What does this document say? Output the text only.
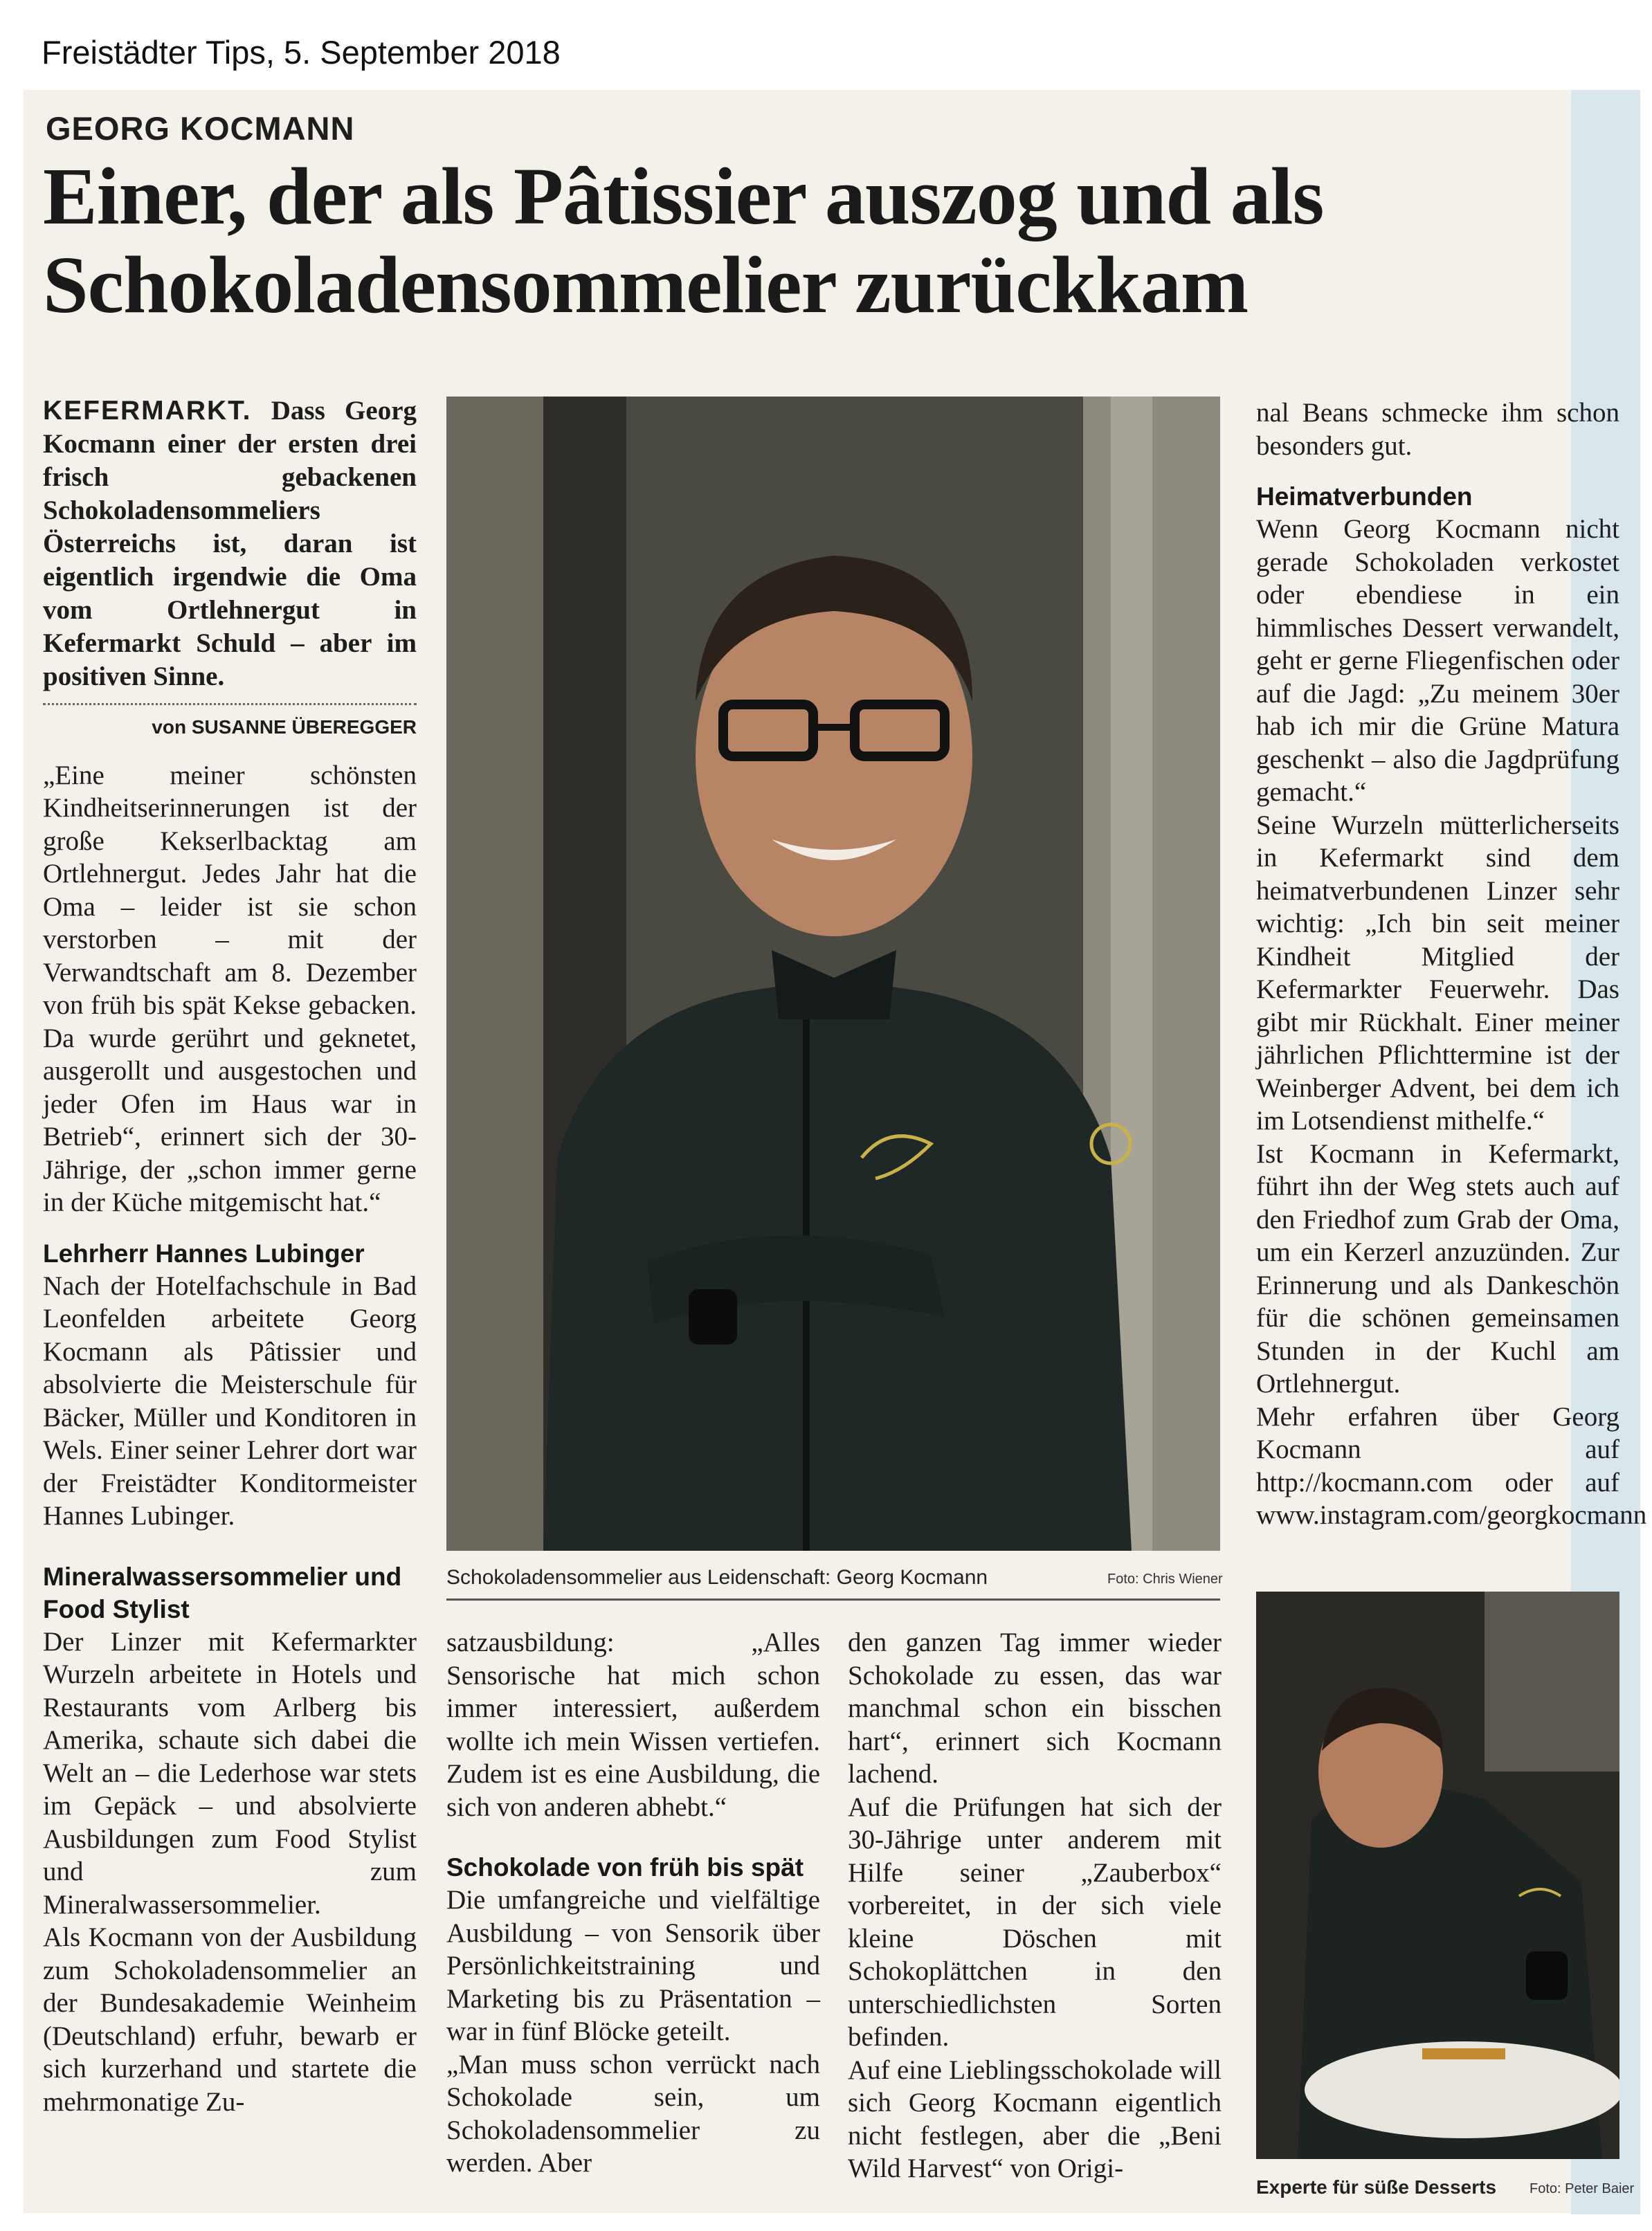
Freistädter Tips, 5. September 2018
GEORG KOCMANN
Einer, der als Pâtissier auszog und als
Schokoladensommelier zurückkam

KEFERMARKT. Dass Georg Kocmann einer der ersten drei frisch gebackenen Schokoladensommeliers Österreichs ist, daran ist eigentlich irgendwie die Oma vom Ortlehnergut in Kefermarkt Schuld – aber im positiven Sinne.

von SUSANNE ÜBEREGGER

„Eine meiner schönsten Kindheitserinnerungen ist der große Kekserlbacktag am Ortlehnergut. Jedes Jahr hat die Oma – leider ist sie schon verstorben – mit der Verwandtschaft am 8. Dezember von früh bis spät Kekse gebacken. Da wurde gerührt und geknetet, ausgerollt und ausgestochen und jeder Ofen im Haus war in Betrieb“, erinnert sich der 30-Jährige, der „schon immer gerne in der Küche mitgemischt hat.“

Lehrherr Hannes Lubinger

Nach der Hotelfachschule in Bad Leonfelden arbeitete Georg Kocmann als Pâtissier und absolvierte die Meisterschule für Bäcker, Müller und Konditoren in Wels. Einer seiner Lehrer dort war der Freistädter Konditormeister Hannes Lubinger.

Mineralwassersommelier und Food Stylist

Der Linzer mit Kefermarkter Wurzeln arbeitete in Hotels und Restaurants vom Arlberg bis Amerika, schaute sich dabei die Welt an – die Lederhose war stets im Gepäck – und absolvierte Ausbildungen zum Food Stylist und zum Mineralwassersommelier.

Als Kocmann von der Ausbildung zum Schokoladensommelier an der Bundesakademie Weinheim (Deutschland) erfuhr, bewarb er sich kurzerhand und startete die mehrmonatige Zu-

Schokoladensommelier aus Leidenschaft: Georg Kocmann	Foto: Chris Wiener

satzausbildung: „Alles Sensorische hat mich schon immer interessiert, außerdem wollte ich mein Wissen vertiefen. Zudem ist es eine Ausbildung, die sich von anderen abhebt.“

Schokolade von früh bis spät

Die umfangreiche und vielfältige Ausbildung – von Sensorik über Persönlichkeitstraining und Marketing bis zu Präsentation – war in fünf Blöcke geteilt.

„Man muss schon verrückt nach Schokolade sein, um Schokoladensommelier zu werden. Aber

den ganzen Tag immer wieder Schokolade zu essen, das war manchmal schon ein bisschen hart“, erinnert sich Kocmann lachend.

Auf die Prüfungen hat sich der 30-Jährige unter anderem mit Hilfe seiner „Zauberbox“ vorbereitet, in der sich viele kleine Döschen mit Schokoplättchen in den unterschiedlichsten Sorten befinden.

Auf eine Lieblingsschokolade will sich Georg Kocmann eigentlich nicht festlegen, aber die „Beni Wild Harvest“ von Origi-

nal Beans schmecke ihm schon besonders gut.

Heimatverbunden

Wenn Georg Kocmann nicht gerade Schokoladen verkostet oder ebendiese in ein himmlisches Dessert verwandelt, geht er gerne Fliegenfischen oder auf die Jagd: „Zu meinem 30er hab ich mir die Grüne Matura geschenkt – also die Jagdprüfung gemacht.“

Seine Wurzeln mütterlicherseits in Kefermarkt sind dem heimatverbundenen Linzer sehr wichtig: „Ich bin seit meiner Kindheit Mitglied der Kefermarkter Feuerwehr. Das gibt mir Rückhalt. Einer meiner jährlichen Pflichttermine ist der Weinberger Advent, bei dem ich im Lotsendienst mithelfe.“

Ist Kocmann in Kefermarkt, führt ihn der Weg stets auch auf den Friedhof zum Grab der Oma, um ein Kerzerl anzuzünden. Zur Erinnerung und als Dankeschön für die schönen gemeinsamen Stunden in der Kuchl am Ortlehnergut.

Mehr erfahren über Georg Kocmann auf http://kocmann.com oder auf www.instagram.com/georgkocmann

Experte für süße Desserts Foto: Peter Baier
